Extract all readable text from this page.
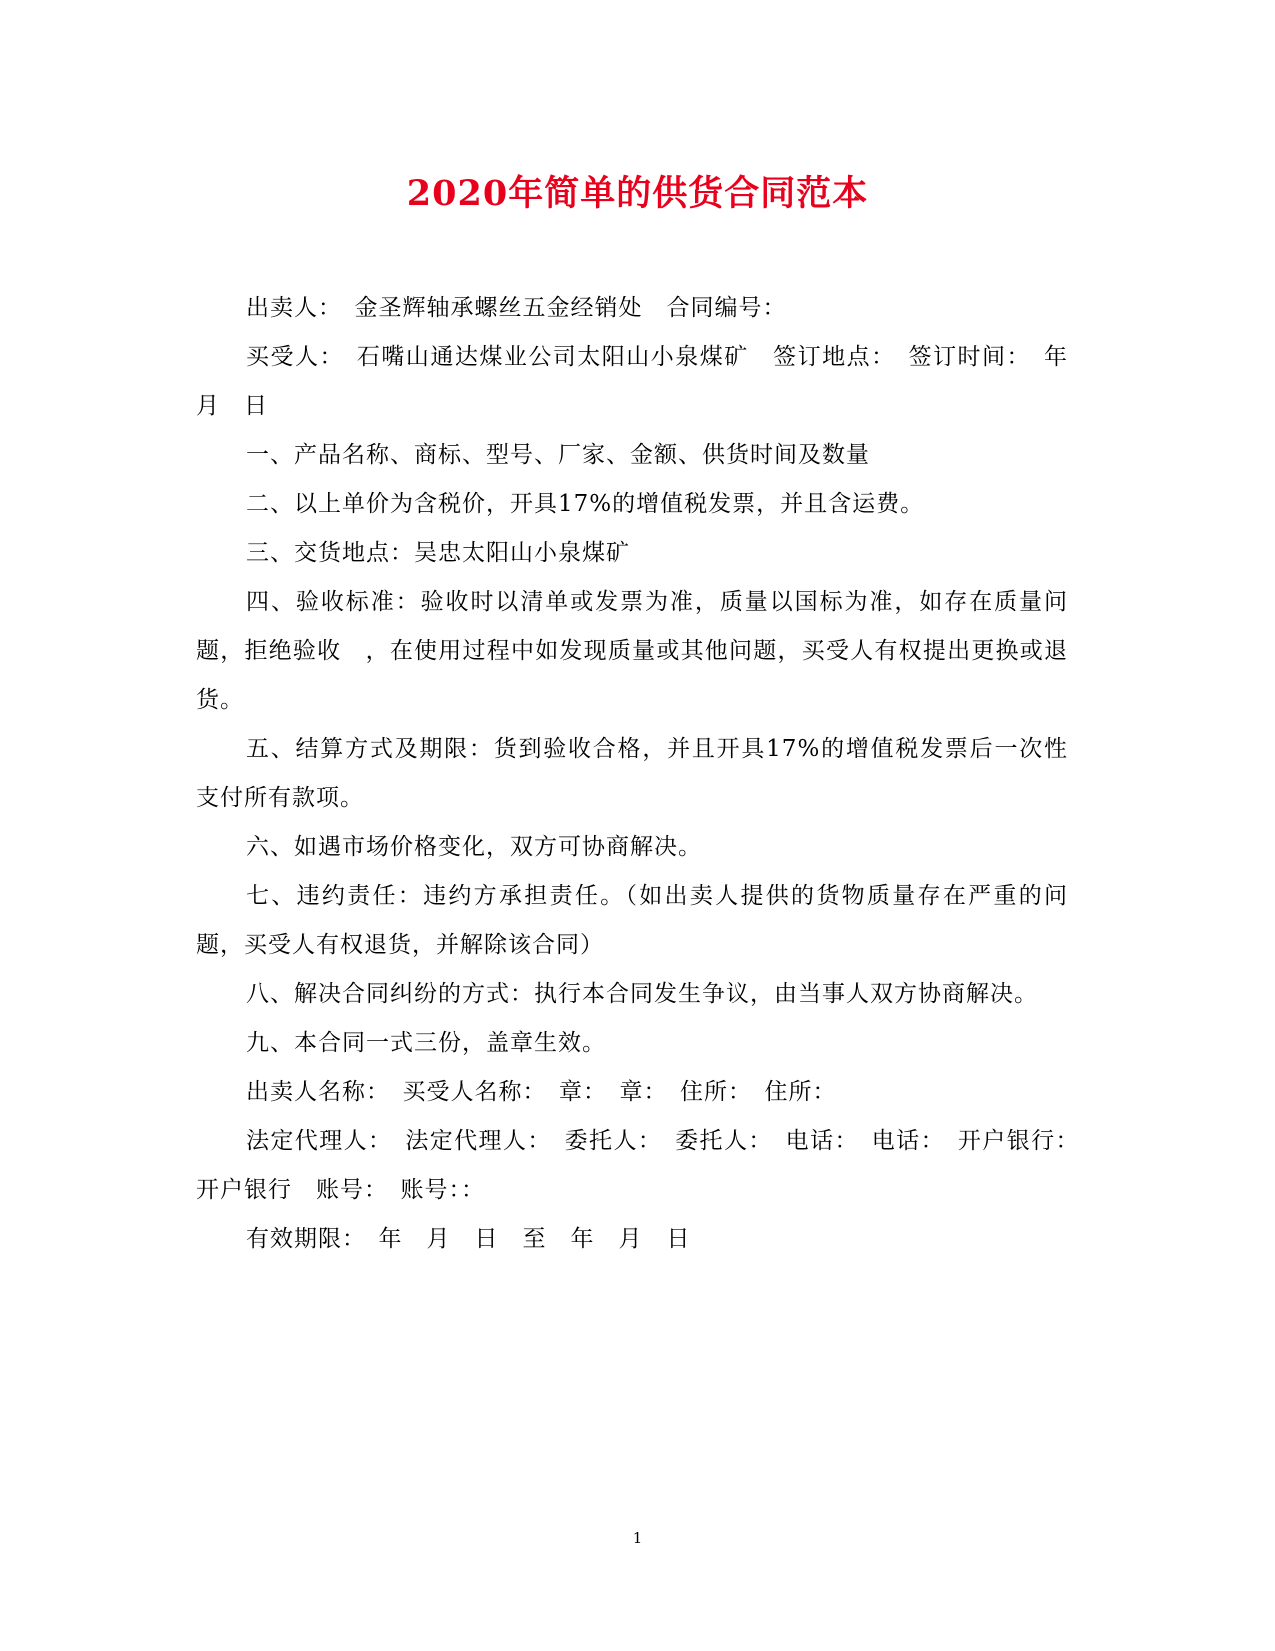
2020年简单的供货合同范本

出卖人：　金圣辉轴承螺丝五金经销处　合同编号：

买受人：　石嘴山通达煤业公司太阳山小泉煤矿　签订地点：　签订时间：　年　月　日

一、产品名称、商标、型号、厂家、金额、供货时间及数量

二、以上单价为含税价，开具17%的增值税发票，并且含运费。

三、交货地点：吴忠太阳山小泉煤矿

四、验收标准：验收时以清单或发票为准，质量以国标为准，如存在质量问题，拒绝验收　，在使用过程中如发现质量或其他问题，买受人有权提出更换或退货。

五、结算方式及期限：货到验收合格，并且开具17%的增值税发票后一次性支付所有款项。

六、如遇市场价格变化，双方可协商解决。

七、违约责任：违约方承担责任。（如出卖人提供的货物质量存在严重的问题，买受人有权退货，并解除该合同）

八、解决合同纠纷的方式：执行本合同发生争议，由当事人双方协商解决。

九、本合同一式三份，盖章生效。

出卖人名称：　买受人名称：　章：　章：　住所：　住所：

法定代理人：　法定代理人：　委托人：　委托人：　电话：　电话：　开户银行：　开户银行　账号：　账号：：

有效期限：　年　月　日　至　年　月　日

1
